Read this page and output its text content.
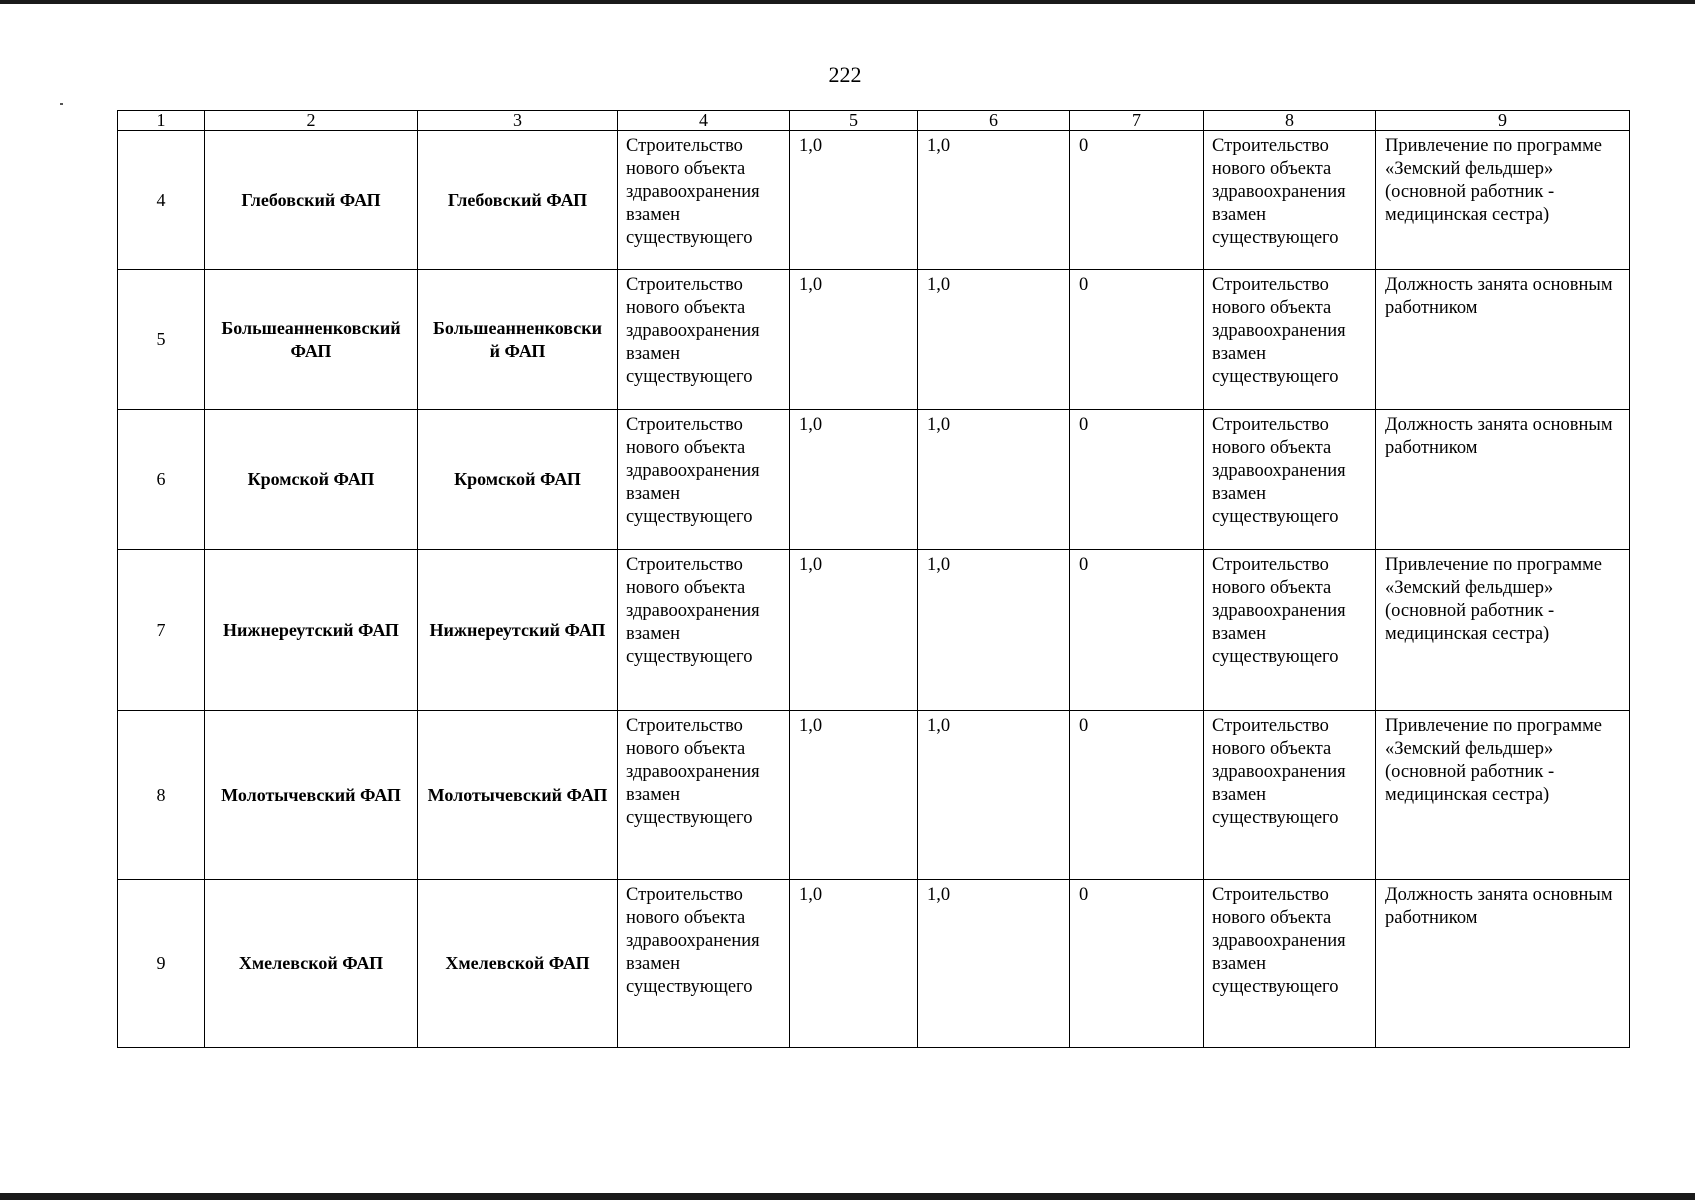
222
1	2	3	4	5	6	7	8	9
4	Глебовский ФАП	Глебовский ФАП	Строительство нового объекта здравоохранения взамен существующего	1,0	1,0	0	Строительство нового объекта здравоохранения взамен существующего	Привлечение по программе «Земский фельдшер» (основной работник - медицинская сестра)
5	Большеанненковский ФАП	Большеанненковски й ФАП	Строительство нового объекта здравоохранения взамен существующего	1,0	1,0	0	Строительство нового объекта здравоохранения взамен существующего	Должность занята основным работником
6	Кромской ФАП	Кромской ФАП	Строительство нового объекта здравоохранения взамен существующего	1,0	1,0	0	Строительство нового объекта здравоохранения взамен существующего	Должность занята основным работником
7	Нижнереутский ФАП	Нижнереутский ФАП	Строительство нового объекта здравоохранения взамен существующего	1,0	1,0	0	Строительство нового объекта здравоохранения взамен существующего	Привлечение по программе «Земский фельдшер» (основной работник - медицинская сестра)
8	Молотычевский ФАП	Молотычевский ФАП	Строительство нового объекта здравоохранения взамен существующего	1,0	1,0	0	Строительство нового объекта здравоохранения взамен существующего	Привлечение по программе «Земский фельдшер» (основной работник - медицинская сестра)
9	Хмелевской ФАП	Хмелевской ФАП	Строительство нового объекта здравоохранения взамен существующего	1,0	1,0	0	Строительство нового объекта здравоохранения взамен существующего	Должность занята основным работником
